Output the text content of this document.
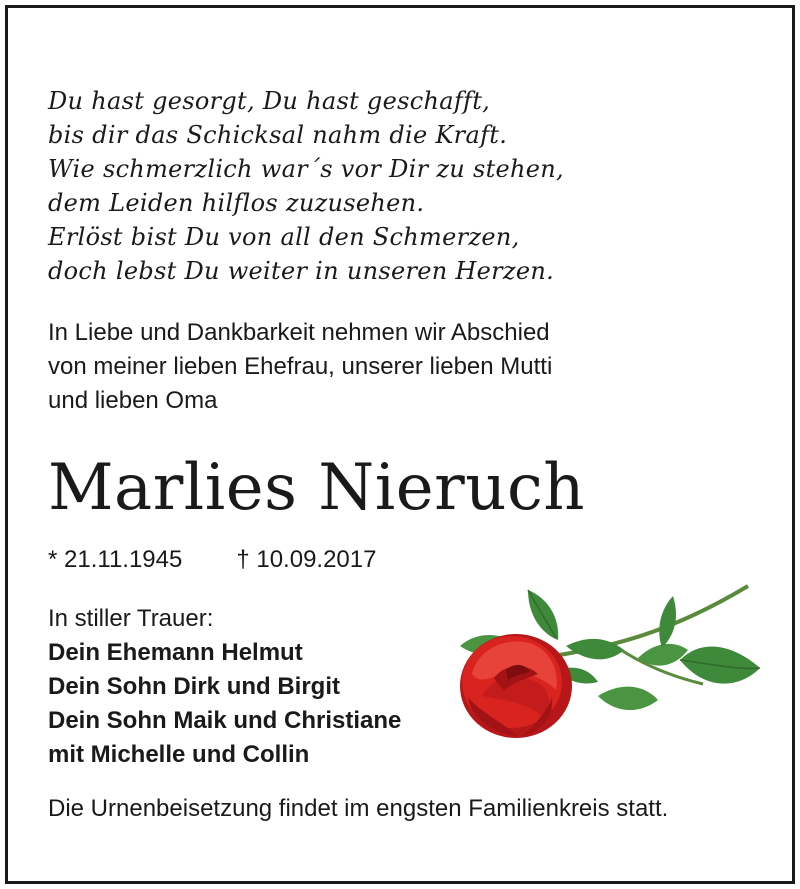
Du hast gesorgt, Du hast geschafft,
bis dir das Schicksal nahm die Kraft.
Wie schmerzlich war´s vor Dir zu stehen,
dem Leiden hilflos zuzusehen.
Erlöst bist Du von all den Schmerzen,
doch lebst Du weiter in unseren Herzen.
In Liebe und Dankbarkeit nehmen wir Abschied
von meiner lieben Ehefrau, unserer lieben Mutti
und lieben Oma
Marlies Nieruch
* 21.11.1945 † 10.09.2017
In stiller Trauer:
Dein Ehemann Helmut
Dein Sohn Dirk und Birgit
Dein Sohn Maik und Christiane
mit Michelle und Collin
Die Urnenbeisetzung findet im engsten Familienkreis statt.
